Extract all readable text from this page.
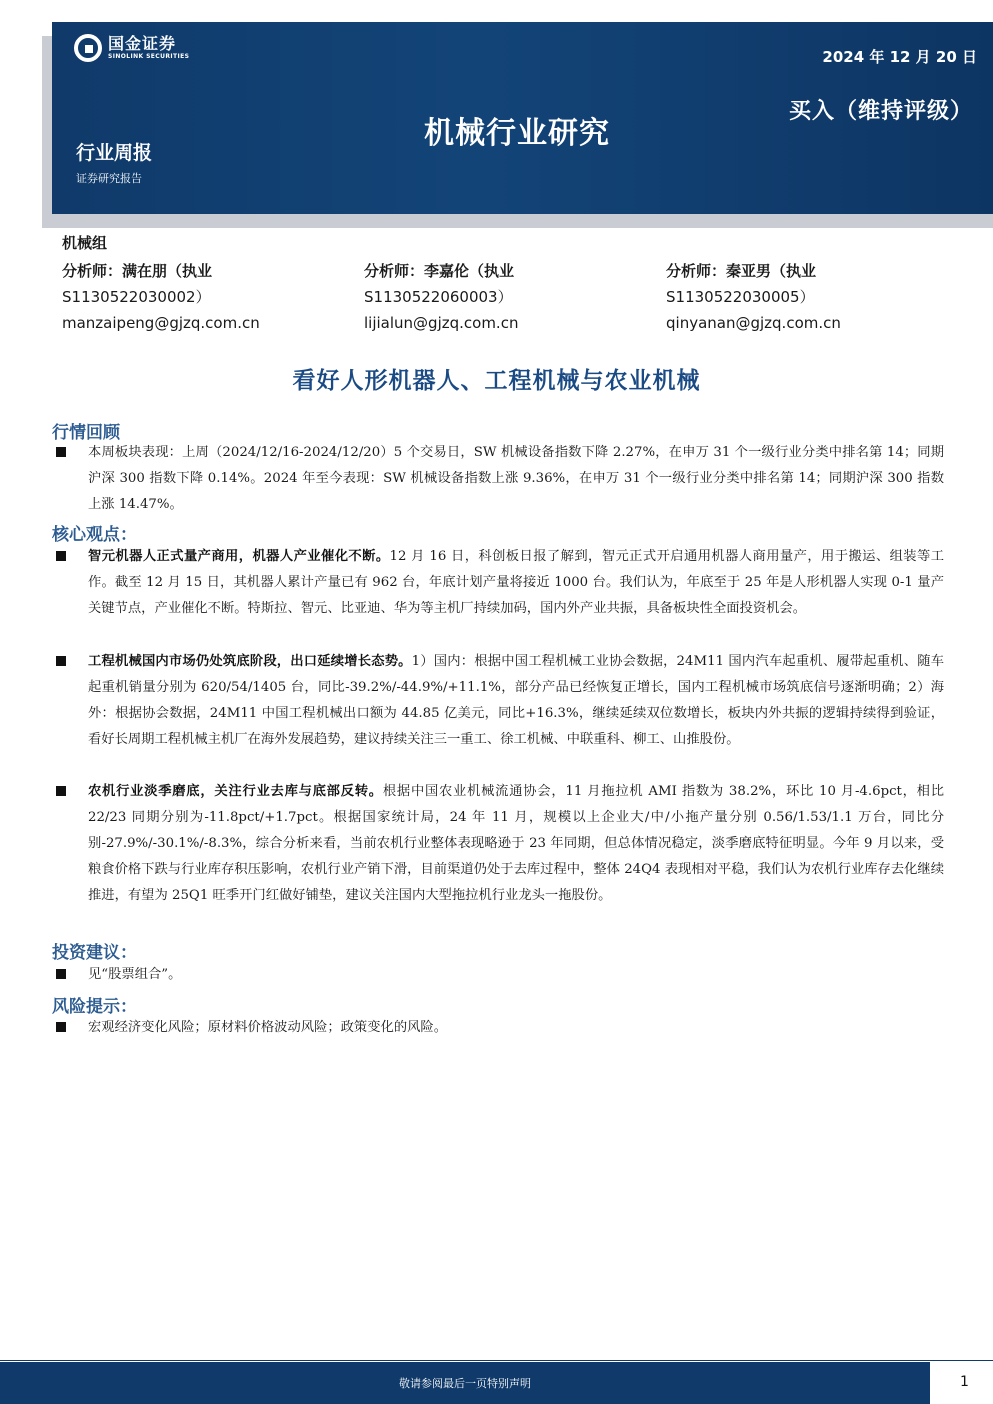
国金证券
SINOLINK SECURITIES	2024 年 12 月 20 日
买入（维持评级）
机械行业研究
行业周报
证券研究报告
机械组
分析师：满在朋（执业
S1130522030002）
manzaipeng@gjzq.com.cn
分析师：李嘉伦（执业
S1130522060003）
lijialun@gjzq.com.cn
分析师：秦亚男（执业
S1130522030005）
qinyanan@gjzq.com.cn
看好人形机器人、工程机械与农业机械
行情回顾
本周板块表现：上周（2024/12/16-2024/12/20）5 个交易日，SW 机械设备指数下降 2.27%，在申万 31 个一级行业分类中排名第 14；同期沪深 300 指数下降 0.14%。2024 年至今表现：SW 机械设备指数上涨 9.36%，在申万 31 个一级行业分类中排名第 14；同期沪深 300 指数上涨 14.47%。
核心观点：
智元机器人正式量产商用，机器人产业催化不断。12 月 16 日，科创板日报了解到，智元正式开启通用机器人商用量产，用于搬运、组装等工作。截至 12 月 15 日，其机器人累计产量已有 962 台，年底计划产量将接近 1000 台。我们认为，年底至于 25 年是人形机器人实现 0-1 量产关键节点，产业催化不断。特斯拉、智元、比亚迪、华为等主机厂持续加码，国内外产业共振，具备板块性全面投资机会。
工程机械国内市场仍处筑底阶段，出口延续增长态势。1）国内：根据中国工程机械工业协会数据，24M11 国内汽车起重机、履带起重机、随车起重机销量分别为 620/54/1405 台，同比-39.2%/-44.9%/+11.1%，部分产品已经恢复正增长，国内工程机械市场筑底信号逐渐明确；2）海外：根据协会数据，24M11 中国工程机械出口额为 44.85 亿美元，同比+16.3%，继续延续双位数增长，板块内外共振的逻辑持续得到验证，看好长周期工程机械主机厂在海外发展趋势，建议持续关注三一重工、徐工机械、中联重科、柳工、山推股份。
农机行业淡季磨底，关注行业去库与底部反转。根据中国农业机械流通协会，11 月拖拉机 AMI 指数为 38.2%，环比 10 月-4.6pct，相比 22/23 同期分别为-11.8pct/+1.7pct。根据国家统计局，24 年 11 月，规模以上企业大/中/小拖产量分别 0.56/1.53/1.1 万台，同比分别-27.9%/-30.1%/-8.3%，综合分析来看，当前农机行业整体表现略逊于 23 年同期，但总体情况稳定，淡季磨底特征明显。今年 9 月以来，受粮食价格下跌与行业库存积压影响，农机行业产销下滑，目前渠道仍处于去库过程中，整体 24Q4 表现相对平稳，我们认为农机行业库存去化继续推进，有望为 25Q1 旺季开门红做好铺垫，建议关注国内大型拖拉机行业龙头一拖股份。
投资建议：
见“股票组合”。
风险提示：
宏观经济变化风险；原材料价格波动风险；政策变化的风险。
敬请参阅最后一页特别声明	1
